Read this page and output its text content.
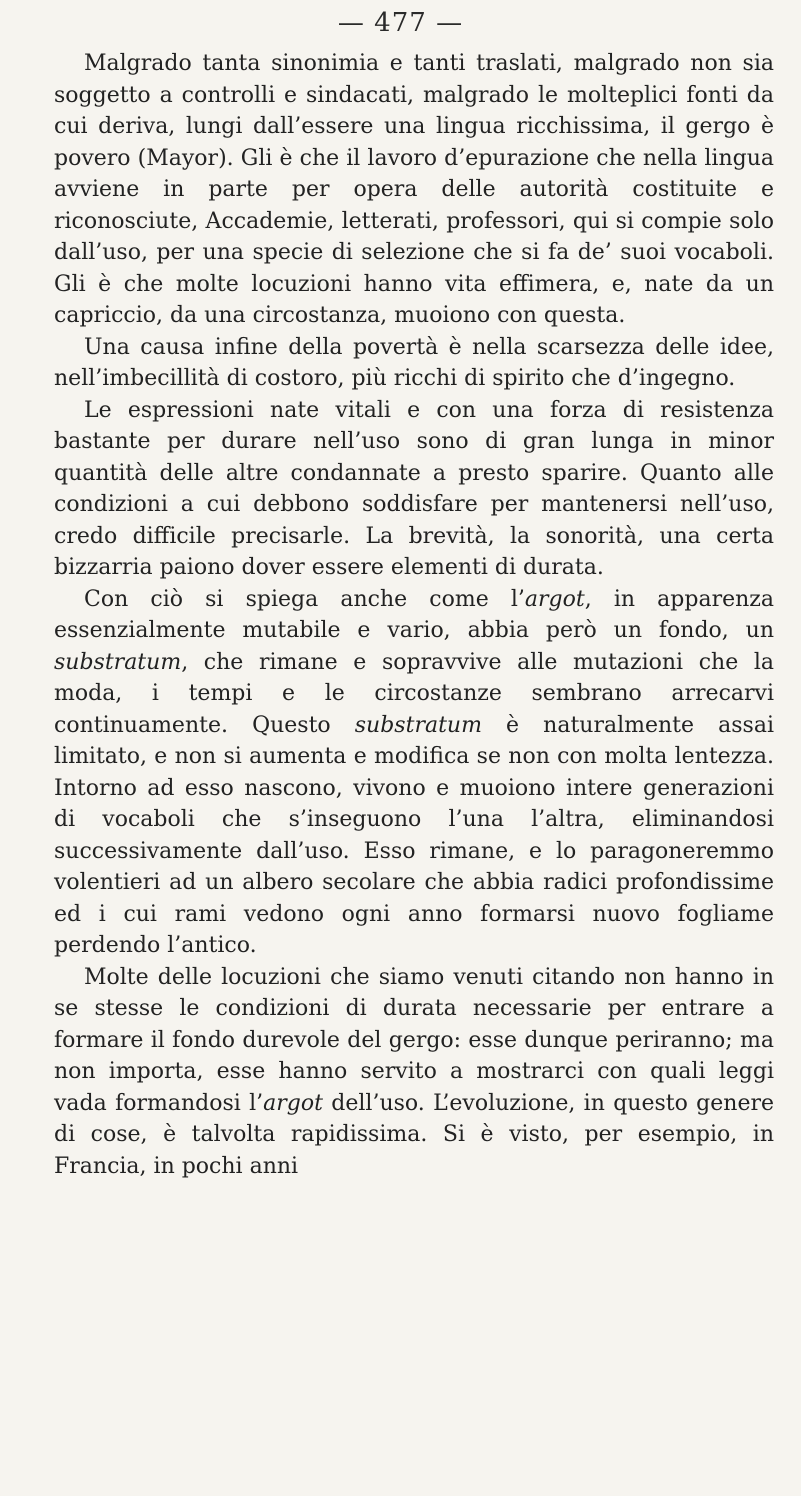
— 477 —

Malgrado tanta sinonimia e tanti traslati, malgrado non sia soggetto a controlli e sindacati, malgrado le molteplici fonti da cui deriva, lungi dall’essere una lingua ricchissima, il gergo è povero (Mayor). Gli è che il lavoro d’epurazione che nella lingua avviene in parte per opera delle autorità costituite e riconosciute, Accademie, letterati, professori, qui si compie solo dall’uso, per una specie di selezione che si fa de’ suoi vocaboli. Gli è che molte locuzioni hanno vita effimera, e, nate da un capriccio, da una circostanza, muoiono con questa.

Una causa infine della povertà è nella scarsezza delle idee, nell’imbecillità di costoro, più ricchi di spirito che d’ingegno.

Le espressioni nate vitali e con una forza di resistenza bastante per durare nell’uso sono di gran lunga in minor quantità delle altre condannate a presto sparire. Quanto alle condizioni a cui debbono soddisfare per mantenersi nell’uso, credo difficile precisarle. La brevità, la sonorità, una certa bizzarria paiono dover essere elementi di durata.

Con ciò si spiega anche come l’argot, in apparenza essenzialmente mutabile e vario, abbia però un fondo, un substratum, che rimane e sopravvive alle mutazioni che la moda, i tempi e le circostanze sembrano arrecarvi continuamente. Questo substratum è naturalmente assai limitato, e non si aumenta e modifica se non con molta lentezza. Intorno ad esso nascono, vivono e muoiono intere generazioni di vocaboli che s’inseguono l’una l’altra, eliminandosi successivamente dall’uso. Esso rimane, e lo paragoneremmo volentieri ad un albero secolare che abbia radici profondissime ed i cui rami vedono ogni anno formarsi nuovo fogliame perdendo l’antico.

Molte delle locuzioni che siamo venuti citando non hanno in se stesse le condizioni di durata necessarie per entrare a formare il fondo durevole del gergo: esse dunque periranno; ma non importa, esse hanno servito a mostrarci con quali leggi vada formandosi l’argot dell’uso. L’evoluzione, in questo genere di cose, è talvolta rapidissima. Si è visto, per esempio, in Francia, in pochi anni
